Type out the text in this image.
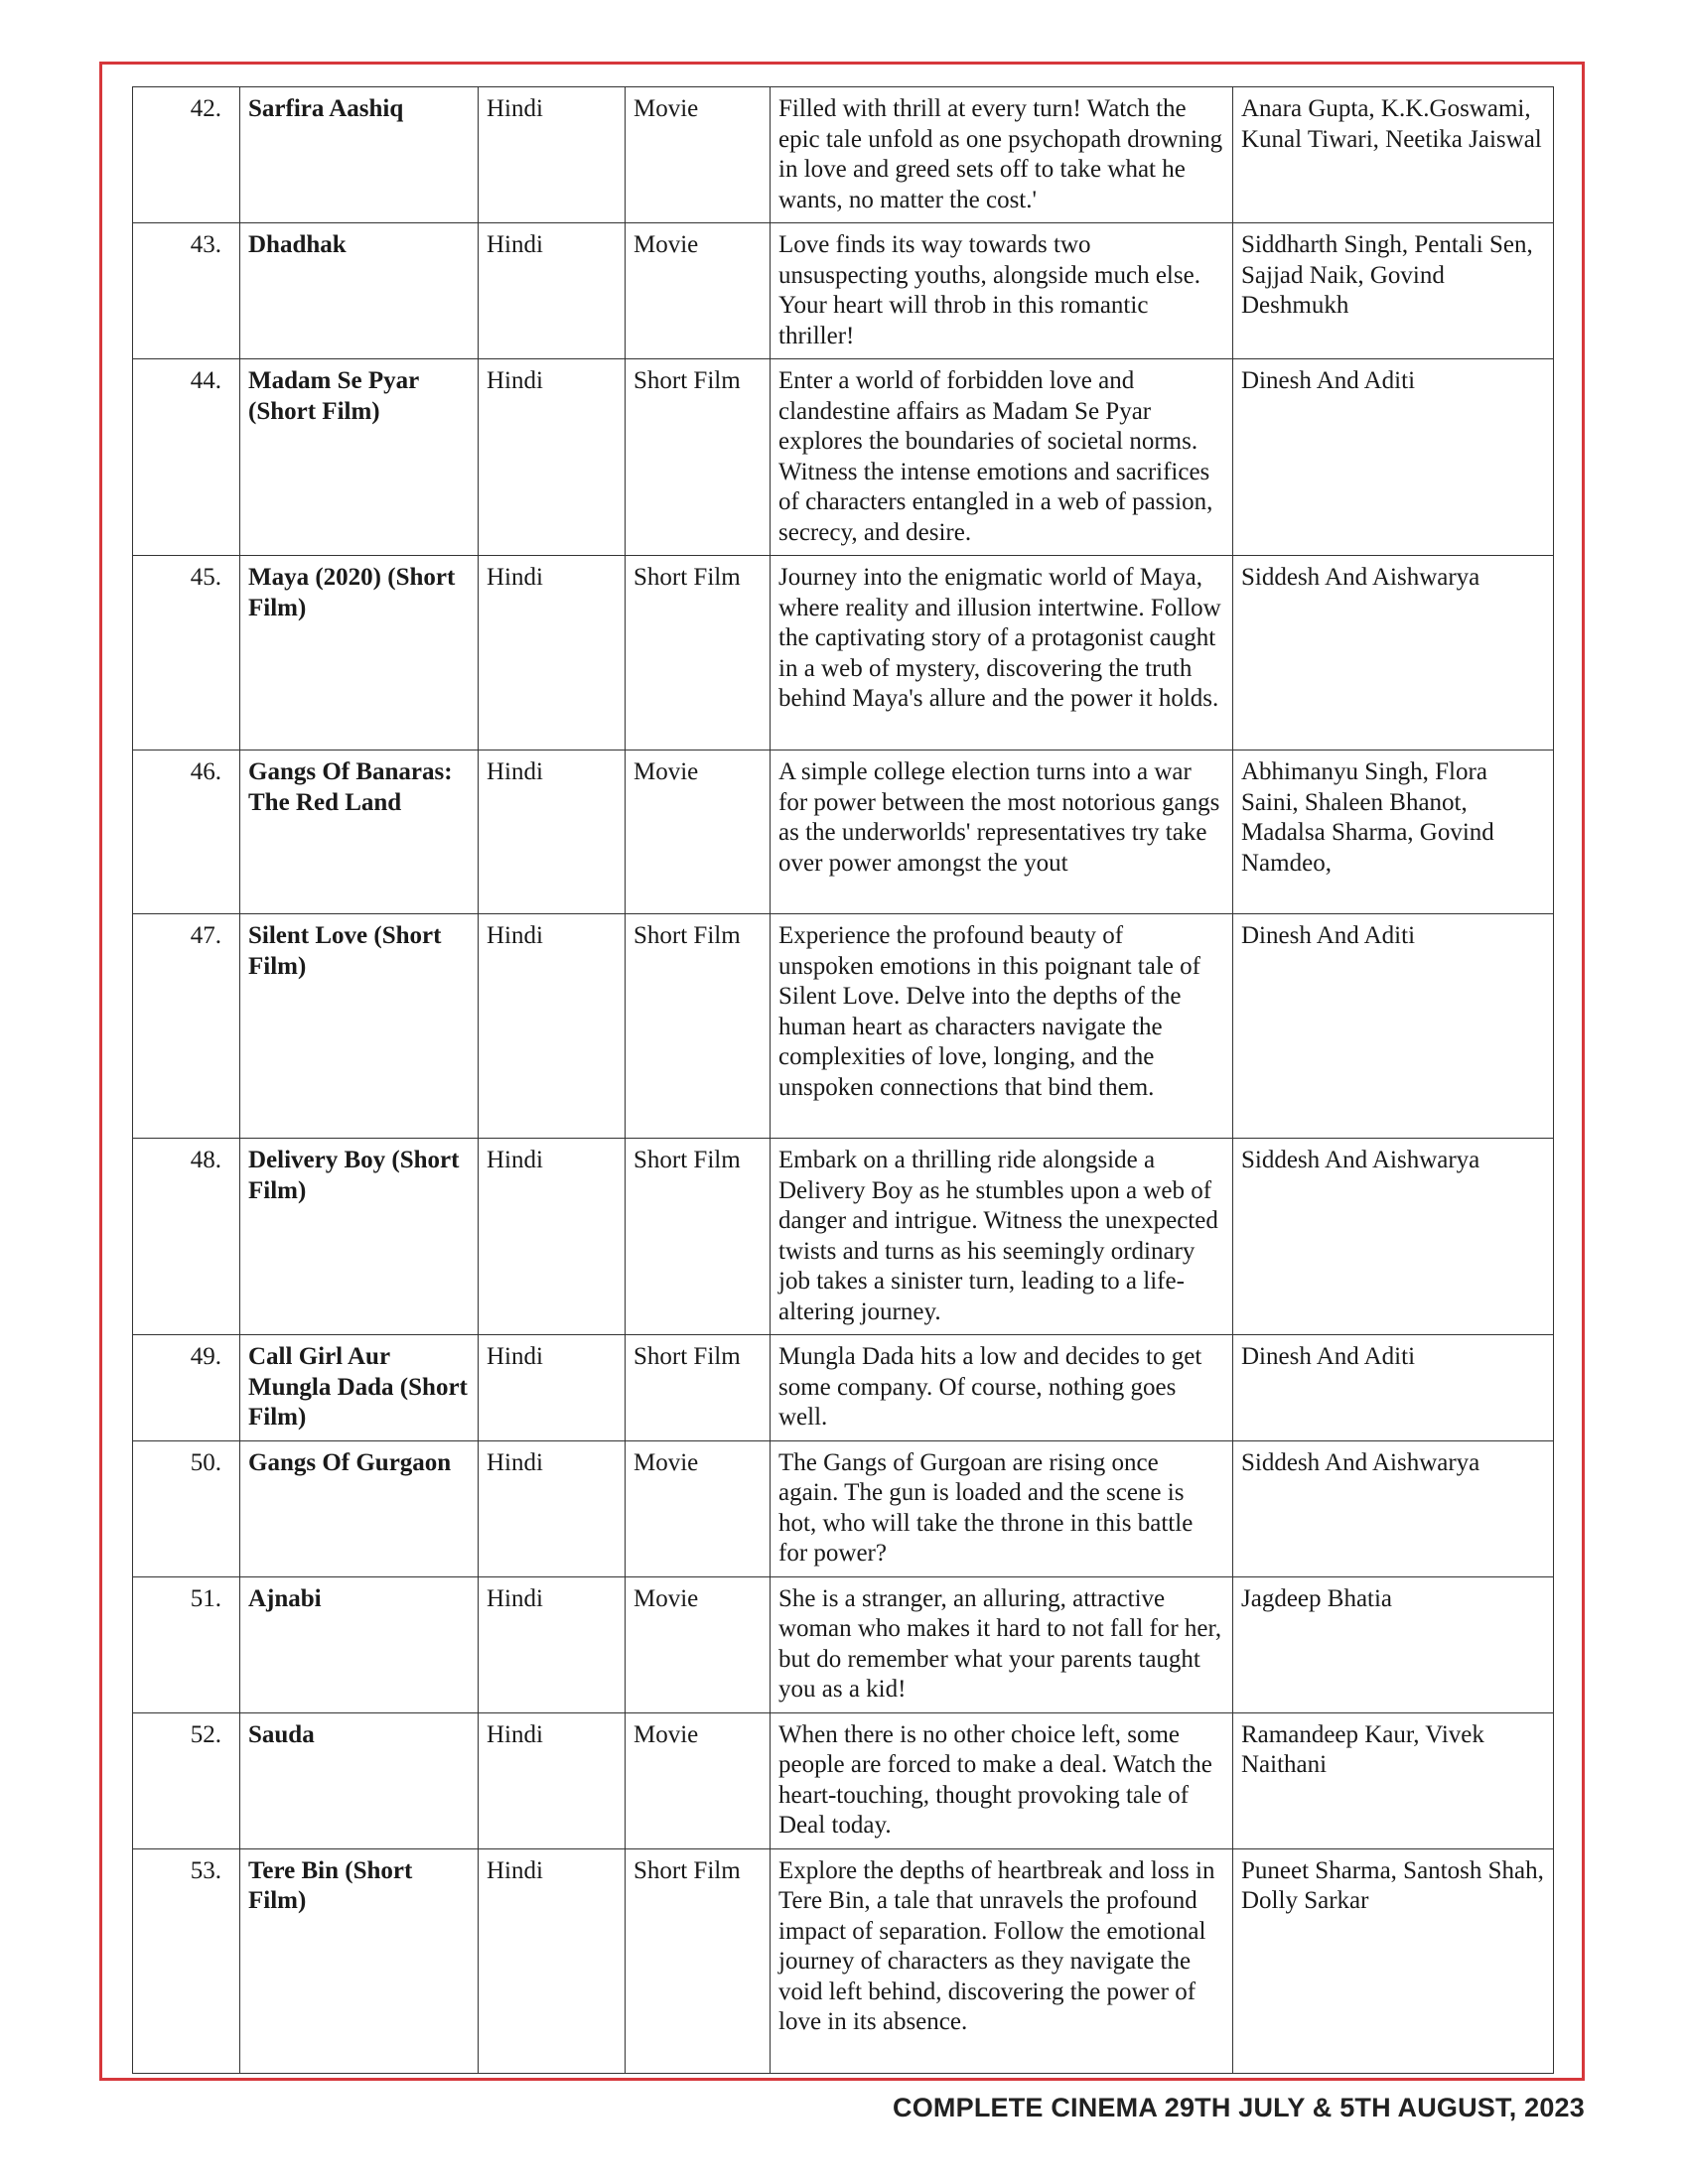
42.	Sarfira Aashiq	Hindi	Movie	Filled with thrill at every turn! Watch the epic tale unfold as one psychopath drowning in love and greed sets off to take what he wants, no matter the cost.'	Anara Gupta, K.K.Goswami, Kunal Tiwari, Neetika Jaiswal
43.	Dhadhak	Hindi	Movie	Love finds its way towards two unsuspecting youths, alongside much else. Your heart will throb in this romantic thriller!	Siddharth Singh, Pentali Sen, Sajjad Naik, Govind Deshmukh
44.	Madam Se Pyar (Short Film)	Hindi	Short Film	Enter a world of forbidden love and clandestine affairs as Madam Se Pyar explores the boundaries of societal norms. Witness the intense emotions and sacrifices of characters entangled in a web of passion, secrecy, and desire.	Dinesh And Aditi
45.	Maya (2020) (Short Film)	Hindi	Short Film	Journey into the enigmatic world of Maya, where reality and illusion intertwine. Follow the captivating story of a protagonist caught in a web of mystery, discovering the truth behind Maya's allure and the power it holds.	Siddesh And Aishwarya
46.	Gangs Of Banaras: The Red Land	Hindi	Movie	A simple college election turns into a war for power between the most notorious gangs as the underworlds' representatives try take over power amongst the yout	Abhimanyu Singh, Flora Saini, Shaleen Bhanot, Madalsa Sharma, Govind Namdeo,
47.	Silent Love (Short Film)	Hindi	Short Film	Experience the profound beauty of unspoken emotions in this poignant tale of Silent Love. Delve into the depths of the human heart as characters navigate the complexities of love, longing, and the unspoken connections that bind them.	Dinesh And Aditi
48.	Delivery Boy (Short Film)	Hindi	Short Film	Embark on a thrilling ride alongside a Delivery Boy as he stumbles upon a web of danger and intrigue. Witness the unexpected twists and turns as his seemingly ordinary job takes a sinister turn, leading to a life-altering journey.	Siddesh And Aishwarya
49.	Call Girl Aur Mungla Dada (Short Film)	Hindi	Short Film	Mungla Dada hits a low and decides to get some company. Of course, nothing goes well.	Dinesh And Aditi
50.	Gangs Of Gurgaon	Hindi	Movie	The Gangs of Gurgoan are rising once again. The gun is loaded and the scene is hot, who will take the throne in this battle for power?	Siddesh And Aishwarya
51.	Ajnabi	Hindi	Movie	She is a stranger, an alluring, attractive woman who makes it hard to not fall for her, but do remember what your parents taught you as a kid!	Jagdeep Bhatia
52.	Sauda	Hindi	Movie	When there is no other choice left, some people are forced to make a deal. Watch the heart-touching, thought provoking tale of Deal today.	Ramandeep Kaur, Vivek Naithani
53.	Tere Bin (Short Film)	Hindi	Short Film	Explore the depths of heartbreak and loss in Tere Bin, a tale that unravels the profound impact of separation. Follow the emotional journey of characters as they navigate the void left behind, discovering the power of love in its absence.	Puneet Sharma, Santosh Shah, Dolly Sarkar
COMPLETE CINEMA 29TH JULY & 5TH AUGUST, 2023
